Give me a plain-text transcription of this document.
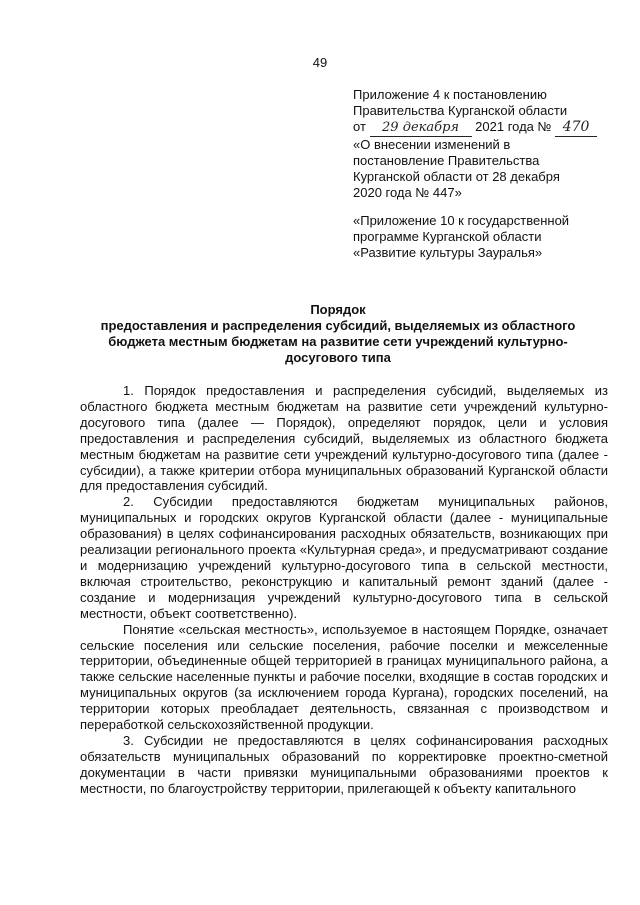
49
Приложение 4 к постановлению
Правительства Курганской области
от 29 декабря 2021 года № 470
«О внесении изменений в
постановление Правительства
Курганской области от 28 декабря
2020 года № 447»
«Приложение 10 к государственной
программе Курганской области
«Развитие культуры Зауралья»
Порядок
предоставления и распределения субсидий, выделяемых из областного
бюджета местным бюджетам на развитие сети учреждений культурно-
досугового типа

1. Порядок предоставления и распределения субсидий, выделяемых из областного бюджета местным бюджетам на развитие сети учреждений культурно-досугового типа (далее — Порядок), определяют порядок, цели и условия предоставления и распределения субсидий, выделяемых из областного бюджета местным бюджетам на развитие сети учреждений культурно-досугового типа (далее - субсидии), а также критерии отбора муниципальных образований Курганской области для предоставления субсидий.

2. Субсидии предоставляются бюджетам муниципальных районов, муниципальных и городских округов Курганской области (далее - муниципальные образования) в целях софинансирования расходных обязательств, возникающих при реализации регионального проекта «Культурная среда», и предусматривают создание и модернизацию учреждений культурно-досугового типа в сельской местности, включая строительство, реконструкцию и капитальный ремонт зданий (далее - создание и модернизация учреждений культурно-досугового типа в сельской местности, объект соответственно).

Понятие «сельская местность», используемое в настоящем Порядке, означает сельские поселения или сельские поселения, рабочие поселки и межселенные территории, объединенные общей территорией в границах муниципального района, а также сельские населенные пункты и рабочие поселки, входящие в состав городских и муниципальных округов (за исключением города Кургана), городских поселений, на территории которых преобладает деятельность, связанная с производством и переработкой сельскохозяйственной продукции.

3. Субсидии не предоставляются в целях софинансирования расходных обязательств муниципальных образований по корректировке проектно-сметной документации в части привязки муниципальными образованиями проектов к местности, по благоустройству территории, прилегающей к объекту капитального
